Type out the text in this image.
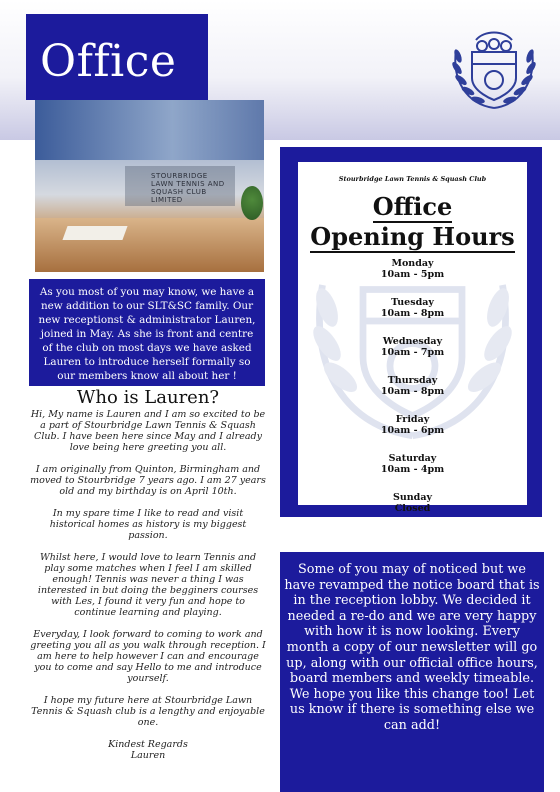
Office
STOURBRIDGE LAWN TENNIS AND SQUASH CLUB LIMITED

As you most of you may know, we have a new addition to our SLT&SC family. Our new receptionst & administrator Lauren, joined in May. As she is front and centre of the club on most days we have asked Lauren to introduce herself formally so our members know all about her !

Who is Lauren?

Hi, My name is Lauren and I am so excited to be a part of Stourbridge Lawn Tennis & Squash Club. I have been here since May and I already love being here greeting you all.

I am originally from Quinton, Birmingham and moved to Stourbridge 7 years ago. I am 27 years old and my birthday is on April 10th.

In my spare time I like to read and visit historical homes as history is my biggest passion.

Whilst here, I would love to learn Tennis and play some matches when I feel I am skilled enough! Tennis was never a thing I was interested in but doing the begginers courses with Les, I found it very fun and hope to continue learning and playing.

Everyday, I look forward to coming to work and greeting you all as you walk through reception. I am here to help however I can and encourage you to come and say Hello to me and introduce yourself.

I hope my future here at Stourbridge Lawn Tennis & Squash club is a lengthy and enjoyable one.

Kindest Regards

Lauren

Stourbridge Lawn Tennis & Squash Club
Office
Opening Hours
Monday
10am - 5pm
Tuesday
10am - 8pm
Wednesday
10am - 7pm
Thursday
10am - 8pm
Friday
10am - 6pm
Saturday
10am - 4pm
Sunday
Closed

Some of you may of noticed but we have revamped the notice board that is in the reception lobby. We decided it needed a re-do and we are very happy with how it is now looking. Every month a copy of our newsletter will go up, along with our official office hours, board members and weekly timeable. We hope you like this change too! Let us know if there is something else we can add!
